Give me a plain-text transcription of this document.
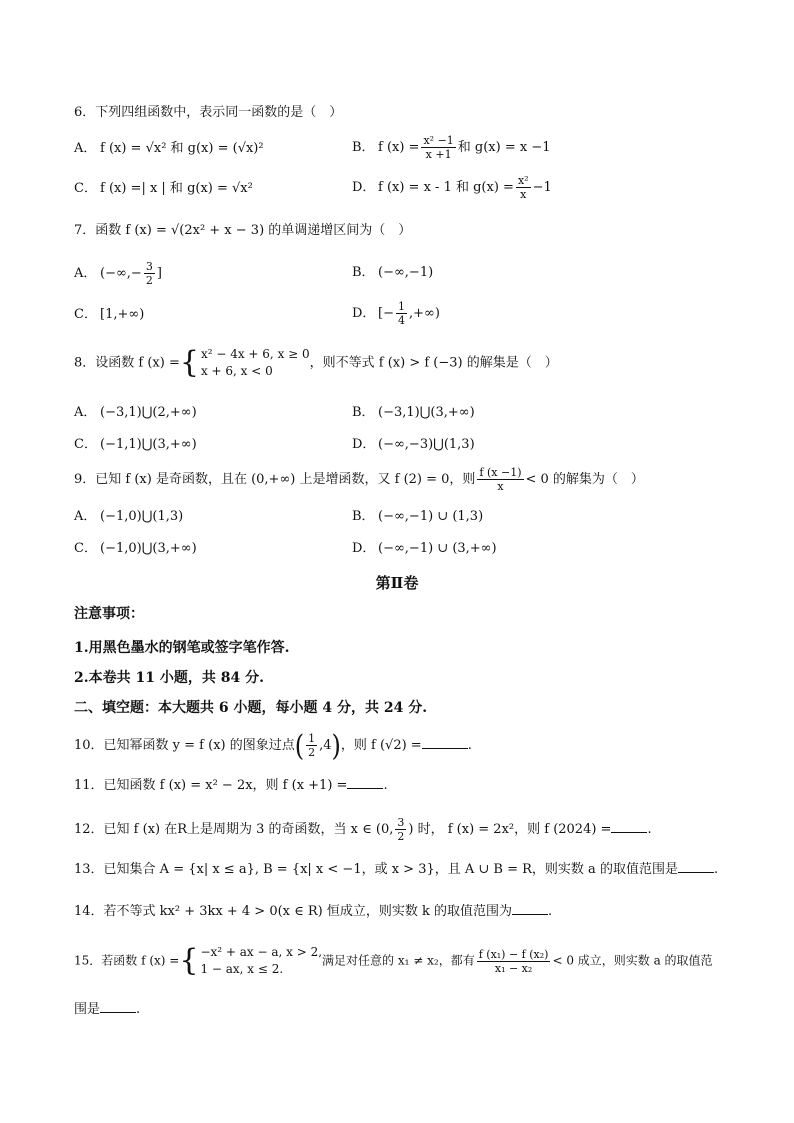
6．下列四组函数中，表示同一函数的是（　）
A． f (x) = √x² 和 g(x) = (√x)²	B． f $(x) = \frac{\text{x² −1}}{x +1}$ 和 g(x) = x −1
C． f (x) =| x | 和 g(x) = √x²	D． f (x) = x - 1 和 $g(x) = \frac{\text{x²}}{x} -1$
7．函数 f (x) = √(2x² + x − 3) 的单调递增区间为（　）
A． (−∞,− $\frac{3}{2}$ ]	B． (−∞,−1)
C． [1,+∞)	D． [− $\frac{1}{4}$ ,+∞)
8．设函数 f (x) ={ x² − 4x + 6, x ≥ 0
x + 6, x < 0
，则不等式 f (x) > f (−3) 的解集是（　）
A． (−3,1)⋃(2,+∞)	B． (−3,1)⋃(3,+∞)
C． (−1,1)⋃(3,+∞)	D． (−∞,−3)⋃(1,3)
9．已知 f (x) 是奇函数，且在 (0,+∞) 上是增函数，又 f (2) = 0，则 $\frac{f (x -1)}{x} < 0$ 的解集为（　）
A． (−1,0)⋃(1,3)	B． (−∞,−1) ∪ (1,3)
C． (−1,0)⋃(3,+∞)	D． (−∞,−1) ∪ (3,+∞)
第Ⅱ卷
注意事项：
1.用黑色墨水的钢笔或签字笔作答.
2.本卷共 11 小题，共 84 分.
二、填空题：本大题共 6 小题，每小题 4 分，共 24 分.
10．已知幂函数 y = f (x) 的图象过点( $\frac{1}{2} ,4$)，则 f (√2) =	.
11．已知函数 f (x) = x² − 2x，则 f (x +1) =	.
12．已知 f (x) 在R上是周期为 3 的奇函数，当 x ∈ (0, $\frac{3}{2}$ ) 时， f (x) = 2x²，则 f (2024) =	.
13．已知集合 A = {x| x ≤ a}, B = {x| x < −1，或 x > 3}，且 A ∪ B = R，则实数 a 的取值范围是	.
14．若不等式 kx² + 3kx + 4 > 0(x ∈ R) 恒成立，则实数 k 的取值范围为	.
15．若函数 f (x) ={ −x² + ax − a, x > 2,
1 − ax, x ≤ 2.
满足对任意的 x₁ ≠ x₂，都有 $\frac{\text{f (x₁) − f (x₂)}}{\text{x₁ − x₂}} < 0$ 成立，则实数 a 的取值范
围是	.
